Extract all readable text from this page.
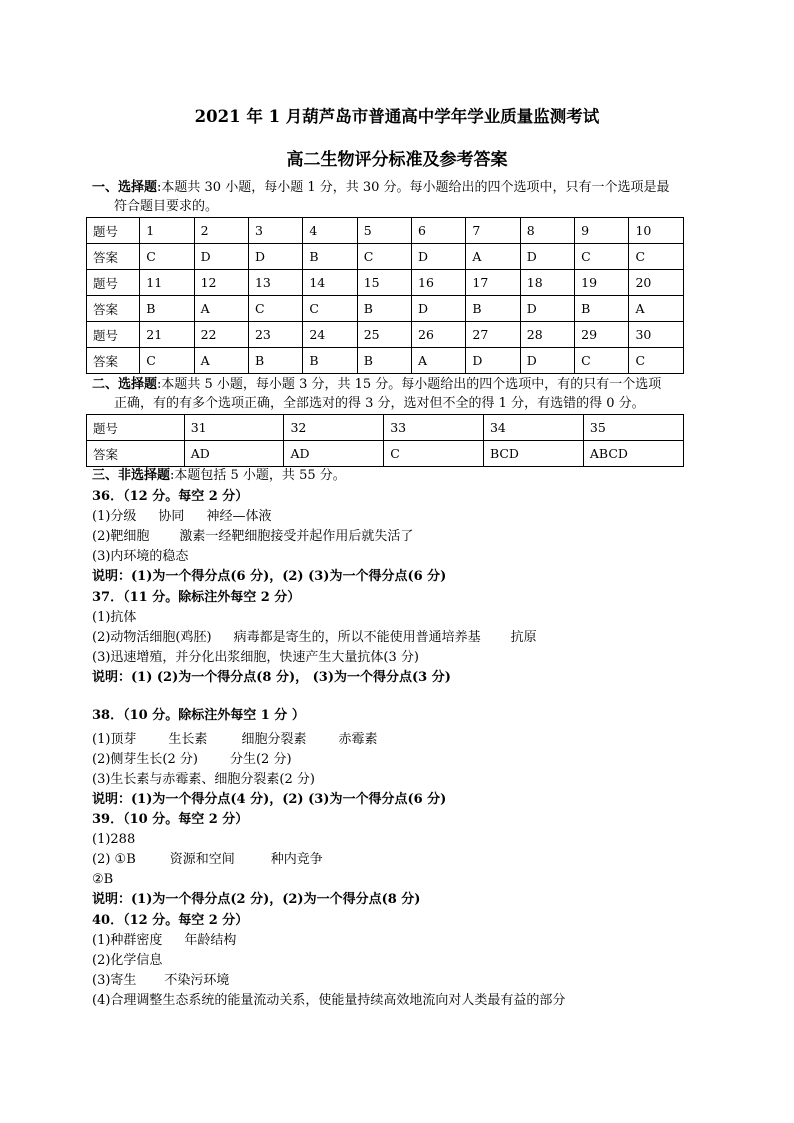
2021 年 1 月葫芦岛市普通高中学年学业质量监测考试
高二生物评分标准及参考答案
一、选择题:本题共 30 小题，每小题 1 分，共 30 分。每小题给出的四个选项中，只有一个选项是最
符合题目要求的。
题号	1	2	3	4	5	6	7	8	9	10
答案	C	D	D	B	C	D	A	D	C	C
题号	11	12	13	14	15	16	17	18	19	20
答案	B	A	C	C	B	D	B	D	B	A
题号	21	22	23	24	25	26	27	28	29	30
答案	C	A	B	B	B	A	D	D	C	C
二、选择题:本题共 5 小题，每小题 3 分，共 15 分。每小题给出的四个选项中，有的只有一个选项
正确，有的有多个选项正确，全部选对的得 3 分，选对但不全的得 1 分，有选错的得 0 分。
题号	31	32	33	34	35
答案	AD	AD	C	BCD	ABCD
三、非选择题:本题包括 5 小题，共 55 分。
36．（12 分。每空 2 分）
(1)分级 协同 神经—体液
(2)靶细胞 激素一经靶细胞接受并起作用后就失活了
(3)内环境的稳态
说明：(1)为一个得分点(6 分)，(2) (3)为一个得分点(6 分)
37．（11 分。除标注外每空 2 分）
(1)抗体
(2)动物活细胞(鸡胚) 病毒都是寄生的，所以不能使用普通培养基 抗原
(3)迅速增殖，并分化出浆细胞，快速产生大量抗体(3 分)
说明：(1) (2)为一个得分点(8 分)， (3)为一个得分点(3 分)
38．（10 分。除标注外每空 1 分 ）
(1)顶芽 生长素	细胞分裂素 赤霉素
(2)侧芽生长(2 分) 分生(2 分)
(3)生长素与赤霉素、细胞分裂素(2 分)
说明：(1)为一个得分点(4 分)，(2) (3)为一个得分点(6 分)
39．（10 分。每空 2 分）
(1)288
(2) ①B	资源和空间	种内竞争
②B
说明：(1)为一个得分点(2 分)，(2)为一个得分点(8 分)
40．（12 分。每空 2 分）
(1)种群密度 年龄结构
(2)化学信息
(3)寄生 不染污环境
(4)合理调整生态系统的能量流动关系，使能量持续高效地流向对人类最有益的部分
